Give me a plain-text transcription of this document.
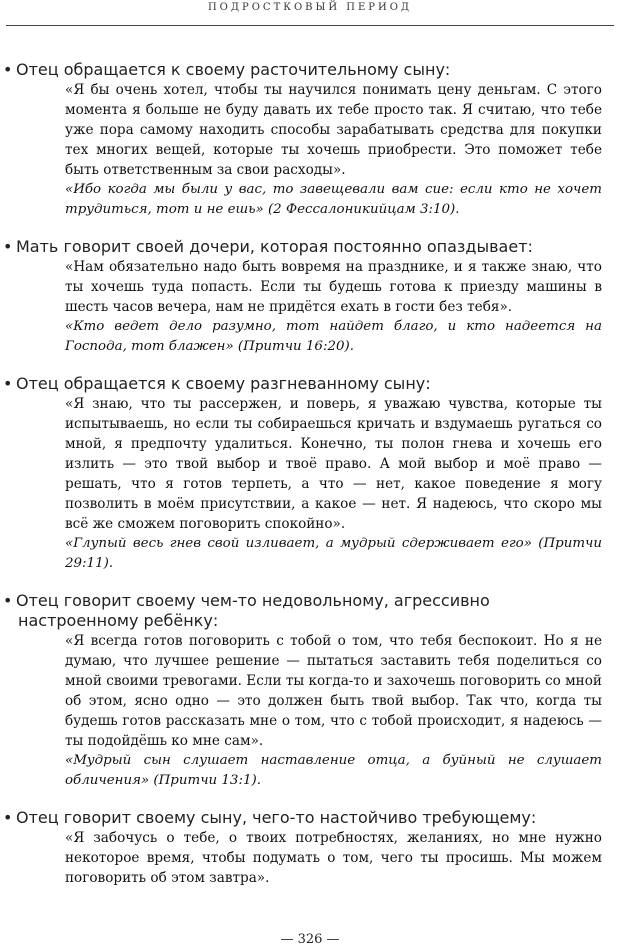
ПОДРОСТКОВЫЙ ПЕРИОД
• Отец обращается к своему расточительному сыну:
«Я бы очень хотел, чтобы ты научился понимать цену деньгам. С этого момента я больше не буду давать их тебе просто так. Я считаю, что тебе уже пора самому находить способы зарабатывать средства для покупки тех многих вещей, которые ты хочешь приобрести. Это поможет тебе быть ответственным за свои расходы».
«Ибо когда мы были у вас, то завещевали вам сие: если кто не хочет трудиться, тот и не ешь» (2 Фессалоникийцам 3:10).
• Мать говорит своей дочери, которая постоянно опаздывает:
«Нам обязательно надо быть вовремя на празднике, и я также знаю, что ты хочешь туда попасть. Если ты будешь готова к приезду машины в шесть часов вечера, нам не придётся ехать в гости без тебя».
«Кто ведет дело разумно, тот найдет благо, и кто надеется на Господа, тот блажен» (Притчи 16:20).
• Отец обращается к своему разгневанному сыну:
«Я знаю, что ты рассержен, и поверь, я уважаю чувства, которые ты испытываешь, но если ты собираешься кричать и вздумаешь ругаться со мной, я предпочту удалиться. Конечно, ты полон гнева и хочешь его излить — это твой выбор и твоё право. А мой выбор и моё право — решать, что я готов терпеть, а что — нет, какое поведение я могу позволить в моём присутствии, а какое — нет. Я надеюсь, что скоро мы всё же сможем поговорить спокойно».
«Глупый весь гнев свой изливает, а мудрый сдерживает его» (Притчи 29:11).
• Отец говорит своему чем-то недовольному, агрессивно настроенному ребёнку:
«Я всегда готов поговорить с тобой о том, что тебя беспокоит. Но я не думаю, что лучшее решение — пытаться заставить тебя поделиться со мной своими тревогами. Если ты когда-то и захочешь поговорить со мной об этом, ясно одно — это должен быть твой выбор. Так что, когда ты будешь готов рассказать мне о том, что с тобой происходит, я надеюсь — ты подойдёшь ко мне сам».
«Мудрый сын слушает наставление отца, а буйный не слушает обличения» (Притчи 13:1).
• Отец говорит своему сыну, чего-то настойчиво требующему:
«Я забочусь о тебе, о твоих потребностях, желаниях, но мне нужно некоторое время, чтобы подумать о том, чего ты просишь. Мы можем поговорить об этом завтра».
— 326 —
